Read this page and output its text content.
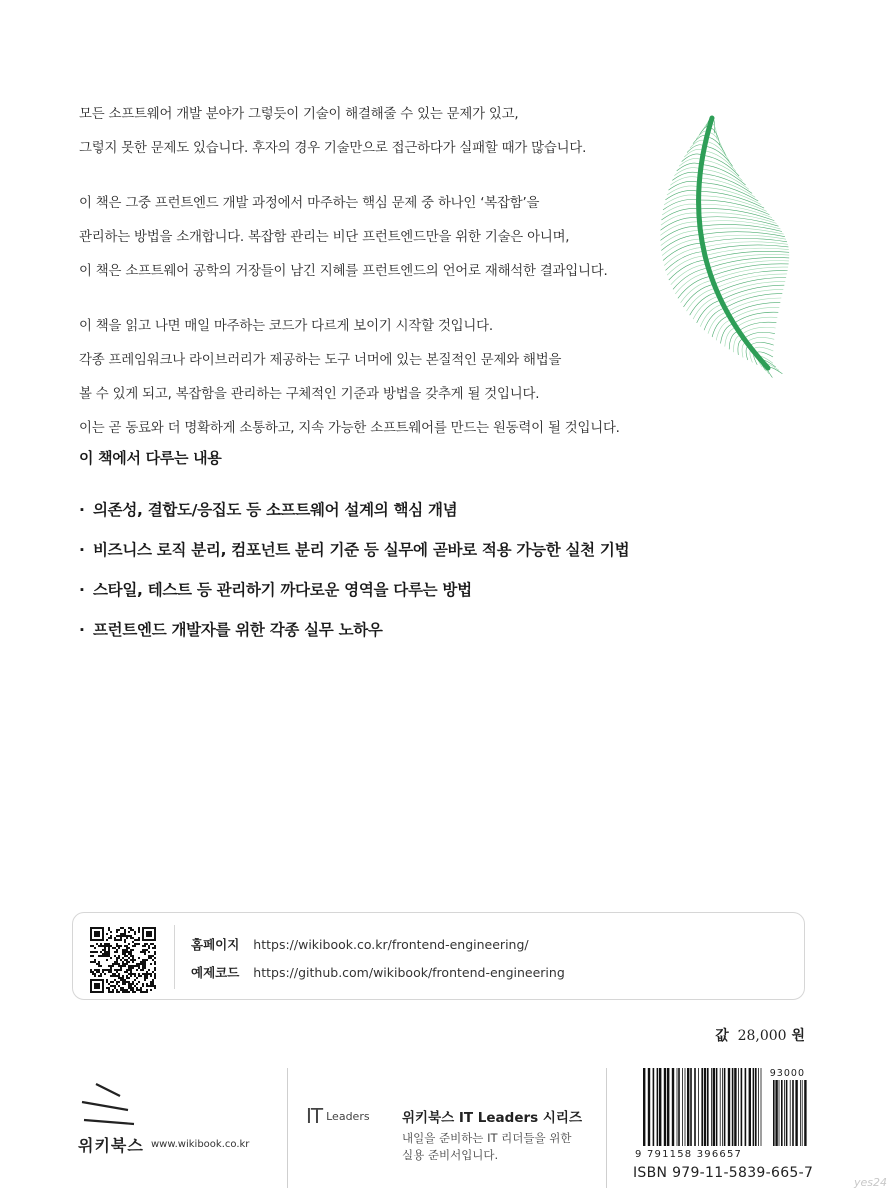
모든 소프트웨어 개발 분야가 그렇듯이 기술이 해결해줄 수 있는 문제가 있고,
그렇지 못한 문제도 있습니다. 후자의 경우 기술만으로 접근하다가 실패할 때가 많습니다.
이 책은 그중 프런트엔드 개발 과정에서 마주하는 핵심 문제 중 하나인 ‘복잡함’을
관리하는 방법을 소개합니다. 복잡함 관리는 비단 프런트엔드만을 위한 기술은 아니며,
이 책은 소프트웨어 공학의 거장들이 남긴 지혜를 프런트엔드의 언어로 재해석한 결과입니다.
이 책을 읽고 나면 매일 마주하는 코드가 다르게 보이기 시작할 것입니다.
각종 프레임워크나 라이브러리가 제공하는 도구 너머에 있는 본질적인 문제와 해법을
볼 수 있게 되고, 복잡함을 관리하는 구체적인 기준과 방법을 갖추게 될 것입니다.
이는 곧 동료와 더 명확하게 소통하고, 지속 가능한 소프트웨어를 만드는 원동력이 될 것입니다.
이 책에서 다루는 내용
· 의존성, 결합도/응집도 등 소프트웨어 설계의 핵심 개념
· 비즈니스 로직 분리, 컴포넌트 분리 기준 등 실무에 곧바로 적용 가능한 실천 기법
· 스타일, 테스트 등 관리하기 까다로운 영역을 다루는 방법
· 프런트엔드 개발자를 위한 각종 실무 노하우
홈페이지 https://wikibook.co.kr/frontend-engineering/
예제코드 https://github.com/wikibook/frontend-engineering
값 28,000 원
위키북스 www.wikibook.co.kr
IT Leaders 위키북스 IT Leaders 시리즈
내일을 준비하는 IT 리더들을 위한
실용 준비서입니다.
93000
9 791158 396657
ISBN 979-11-5839-665-7
yes24
